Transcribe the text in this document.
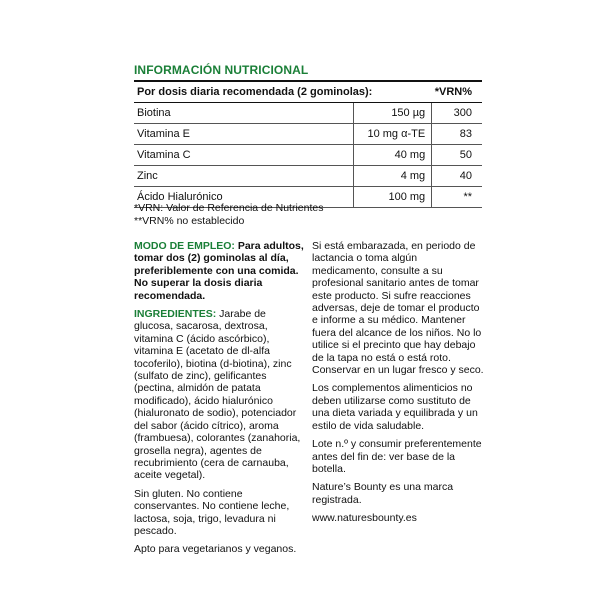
INFORMACIÓN NUTRICIONAL
Por dosis diaria recomendada (2 gominolas):		*VRN%
Biotina	150 µg	300
Vitamina E	10 mg α-TE	83
Vitamina C	40 mg	50
Zinc	4 mg	40
Ácido Hialurónico	100 mg	**
*VRN: Valor de Referencia de Nutrientes
**VRN% no establecido

MODO DE EMPLEO: Para adultos, tomar dos (2) gominolas al día, preferiblemente con una comida. No superar la dosis diaria recomendada.

INGREDIENTES: Jarabe de glucosa, sacarosa, dextrosa, vitamina C (ácido ascórbico), vitamina E (acetato de dl-alfa tocoferilo), biotina (d-biotina), zinc (sulfato de zinc), gelificantes (pectina, almidón de patata modificado), ácido hialurónico (hialuronato de sodio), potenciador del sabor (ácido cítrico), aroma (frambuesa), colorantes (zanahoria, grosella negra), agentes de recubrimiento (cera de carnauba, aceite vegetal).

Sin gluten. No contiene conservantes. No contiene leche, lactosa, soja, trigo, levadura ni pescado.

Apto para vegetarianos y veganos.

Si está embarazada, en periodo de lactancia o toma algún medicamento, consulte a su profesional sanitario antes de tomar este producto. Si sufre reacciones adversas, deje de tomar el producto e informe a su médico. Mantener fuera del alcance de los niños. No lo utilice si el precinto que hay debajo de la tapa no está o está roto. Conservar en un lugar fresco y seco.

Los complementos alimenticios no deben utilizarse como sustituto de una dieta variada y equilibrada y un estilo de vida saludable.

Lote n.º y consumir preferentemente antes del fin de: ver base de la botella.

Nature’s Bounty es una marca registrada.

www.naturesbounty.es
